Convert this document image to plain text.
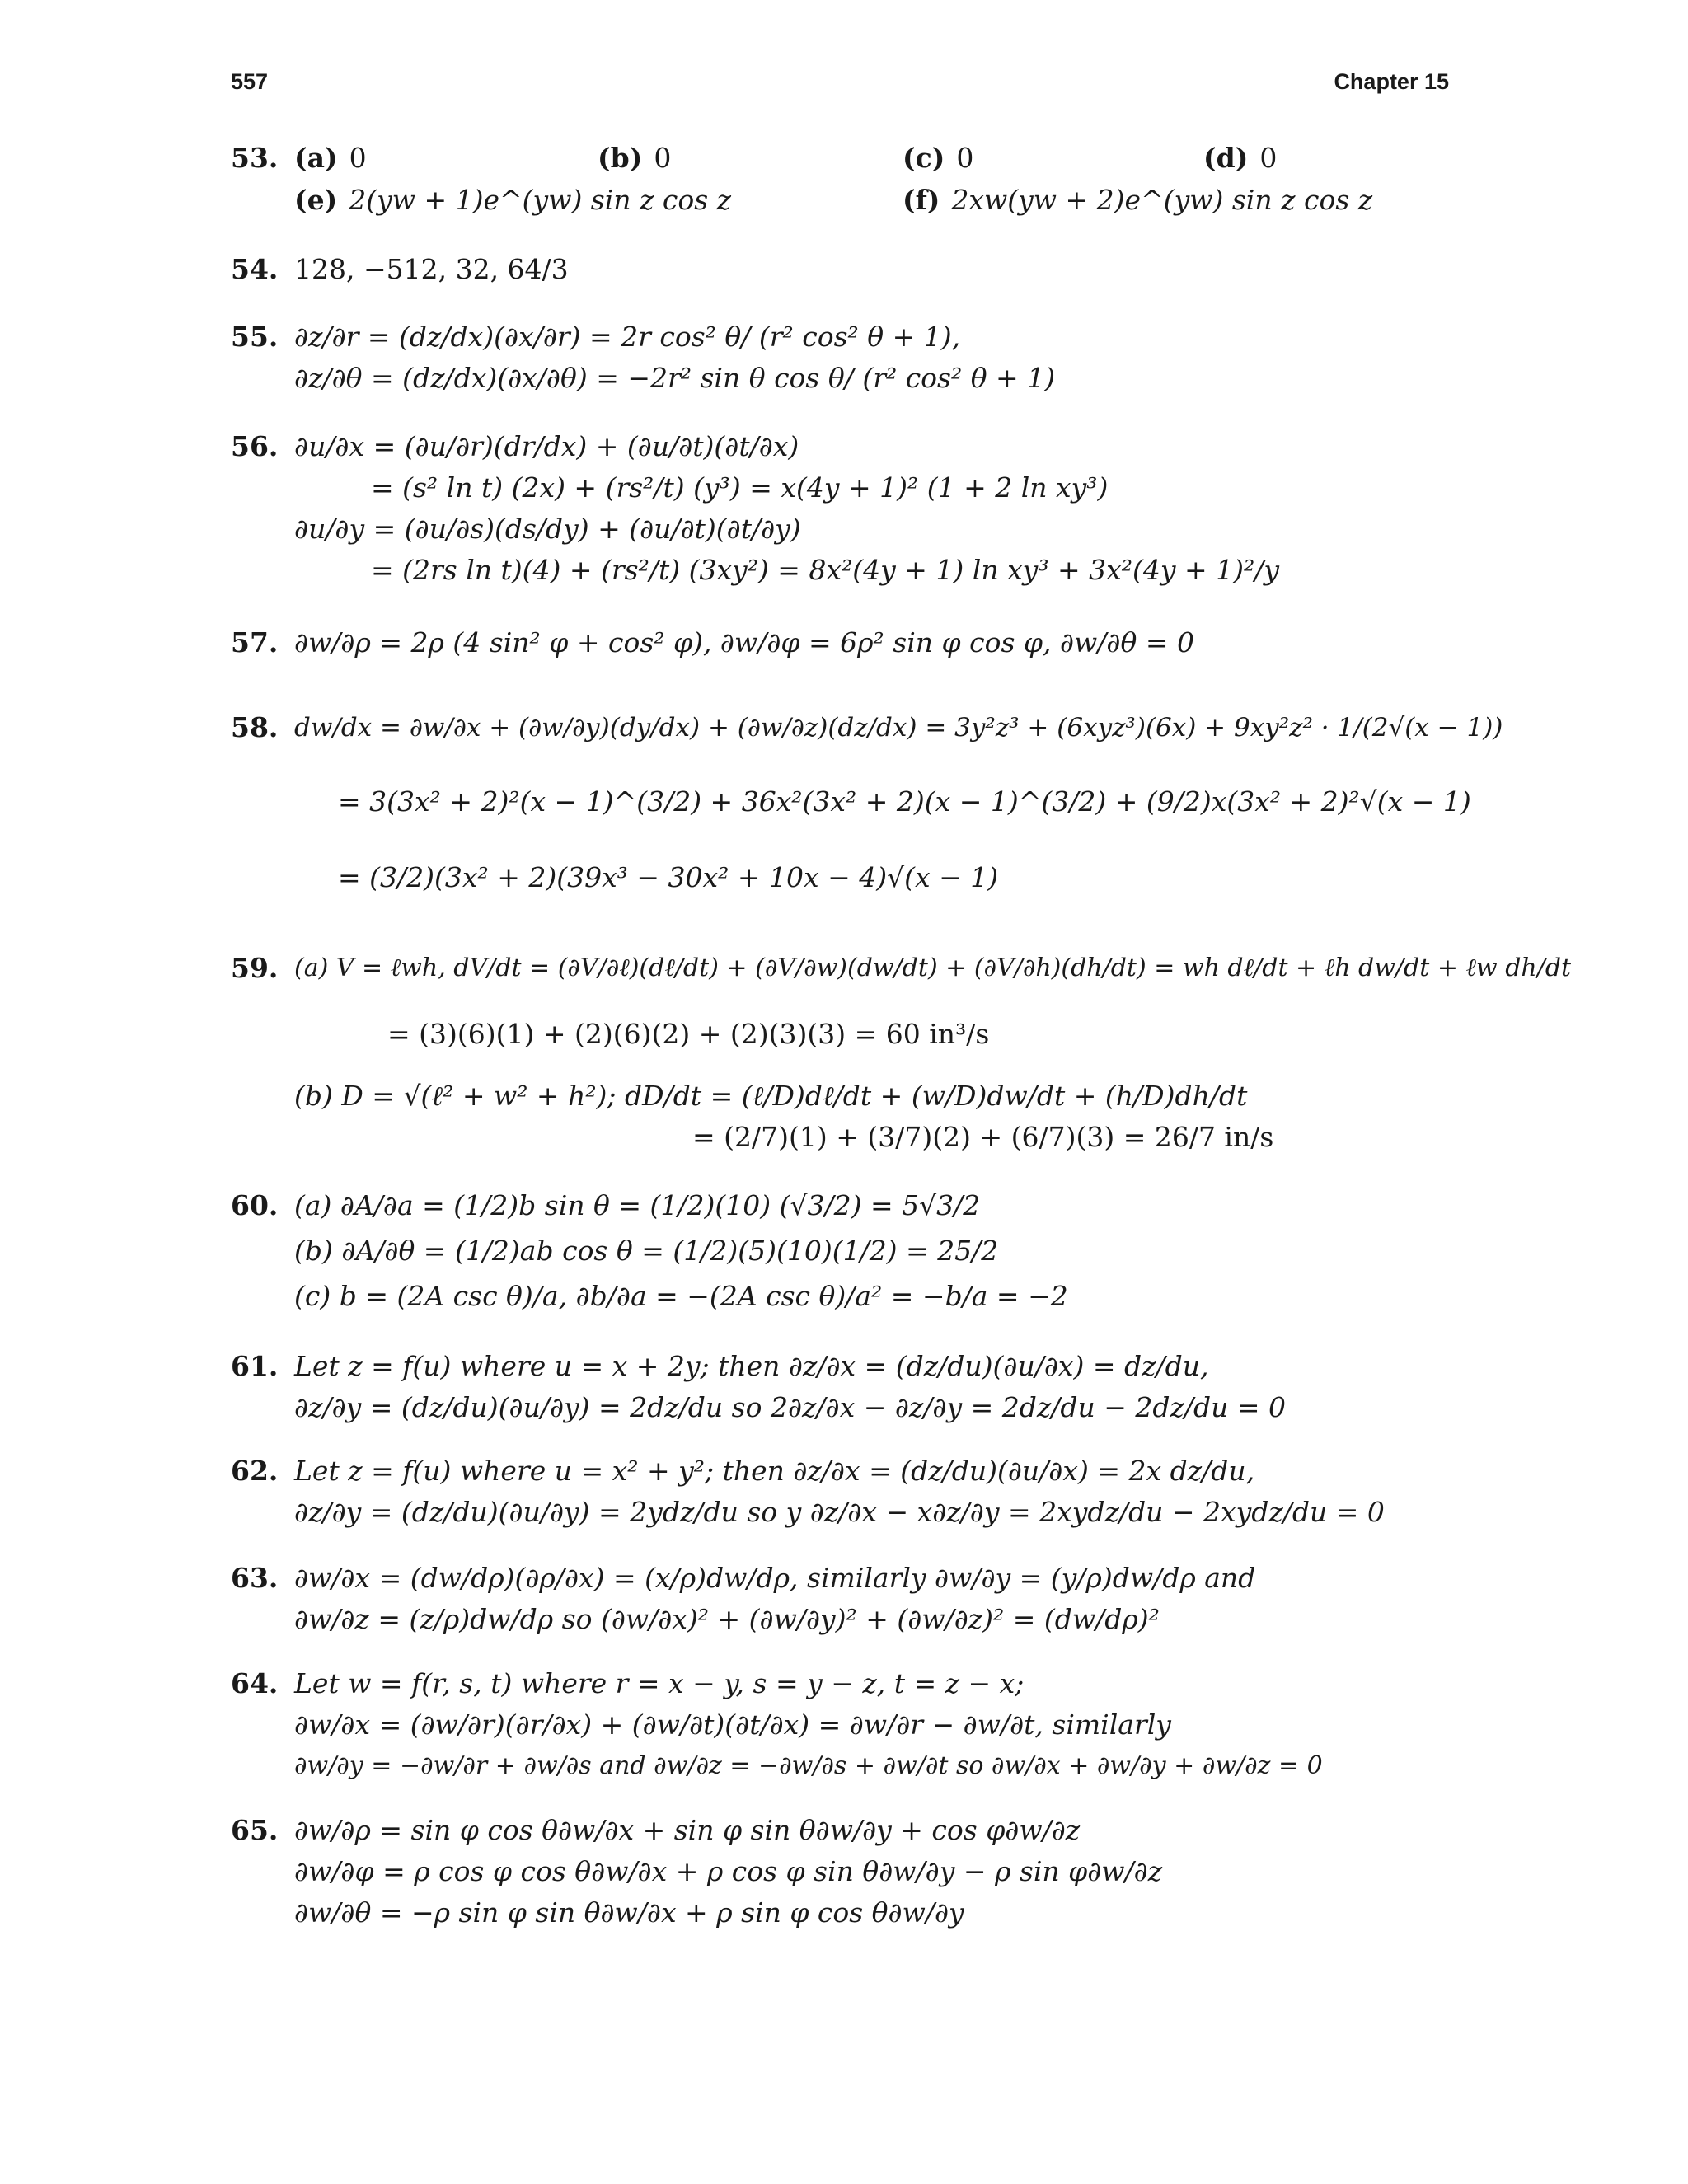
557	Chapter 15
53. (a) 0	(b) 0	(c) 0	(d) 0
(e) 2(yw + 1)e^(yw) sin z cos z	(f) 2xw(yw + 2)e^(yw) sin z cos z
54. 128, −512, 32, 64/3
55. ∂z/∂r = (dz/dx)(∂x/∂r) = 2r cos² θ/ (r² cos² θ + 1),
∂z/∂θ = (dz/dx)(∂x/∂θ) = −2r² sin θ cos θ/ (r² cos² θ + 1)
56. ∂u/∂x = (∂u/∂r)(dr/dx) + (∂u/∂t)(∂t/∂x)
= (s² ln t) (2x) + (rs²/t) (y³) = x(4y + 1)² (1 + 2 ln xy³)
∂u/∂y = (∂u/∂s)(ds/dy) + (∂u/∂t)(∂t/∂y)
= (2rs ln t)(4) + (rs²/t) (3xy²) = 8x²(4y + 1) ln xy³ + 3x²(4y + 1)²/y
57. ∂w/∂ρ = 2ρ (4 sin² φ + cos² φ), ∂w/∂φ = 6ρ² sin φ cos φ, ∂w/∂θ = 0
58. dw/dx = ∂w/∂x + (∂w/∂y)(dy/dx) + (∂w/∂z)(dz/dx) = 3y²z³ + (6xyz³)(6x) + 9xy²z² · 1/(2√(x − 1))
= 3(3x² + 2)²(x − 1)^(3/2) + 36x²(3x² + 2)(x − 1)^(3/2) + (9/2)x(3x² + 2)²√(x − 1)
= (3/2)(3x² + 2)(39x³ − 30x² + 10x − 4)√(x − 1)
59. (a) V = ℓwh, dV/dt = (∂V/∂ℓ)(dℓ/dt) + (∂V/∂w)(dw/dt) + (∂V/∂h)(dh/dt) = wh dℓ/dt + ℓh dw/dt + ℓw dh/dt
= (3)(6)(1) + (2)(6)(2) + (2)(3)(3) = 60 in³/s
(b) D = √(ℓ² + w² + h²); dD/dt = (ℓ/D)dℓ/dt + (w/D)dw/dt + (h/D)dh/dt
= (2/7)(1) + (3/7)(2) + (6/7)(3) = 26/7 in/s
60. (a) ∂A/∂a = (1/2)b sin θ = (1/2)(10) (√3/2) = 5√3/2
(b) ∂A/∂θ = (1/2)ab cos θ = (1/2)(5)(10)(1/2) = 25/2
(c) b = (2A csc θ)/a, ∂b/∂a = −(2A csc θ)/a² = −b/a = −2
61. Let z = f(u) where u = x + 2y; then ∂z/∂x = (dz/du)(∂u/∂x) = dz/du,
∂z/∂y = (dz/du)(∂u/∂y) = 2dz/du so 2∂z/∂x − ∂z/∂y = 2dz/du − 2dz/du = 0
62. Let z = f(u) where u = x² + y²; then ∂z/∂x = (dz/du)(∂u/∂x) = 2x dz/du,
∂z/∂y = (dz/du)(∂u/∂y) = 2ydz/du so y ∂z/∂x − x∂z/∂y = 2xydz/du − 2xydz/du = 0
63. ∂w/∂x = (dw/dρ)(∂ρ/∂x) = (x/ρ)dw/dρ, similarly ∂w/∂y = (y/ρ)dw/dρ and
∂w/∂z = (z/ρ)dw/dρ so (∂w/∂x)² + (∂w/∂y)² + (∂w/∂z)² = (dw/dρ)²
64. Let w = f(r, s, t) where r = x − y, s = y − z, t = z − x;
∂w/∂x = (∂w/∂r)(∂r/∂x) + (∂w/∂t)(∂t/∂x) = ∂w/∂r − ∂w/∂t, similarly
∂w/∂y = −∂w/∂r + ∂w/∂s and ∂w/∂z = −∂w/∂s + ∂w/∂t so ∂w/∂x + ∂w/∂y + ∂w/∂z = 0
65. ∂w/∂ρ = sin φ cos θ∂w/∂x + sin φ sin θ∂w/∂y + cos φ∂w/∂z
∂w/∂φ = ρ cos φ cos θ∂w/∂x + ρ cos φ sin θ∂w/∂y − ρ sin φ∂w/∂z
∂w/∂θ = −ρ sin φ sin θ∂w/∂x + ρ sin φ cos θ∂w/∂y
